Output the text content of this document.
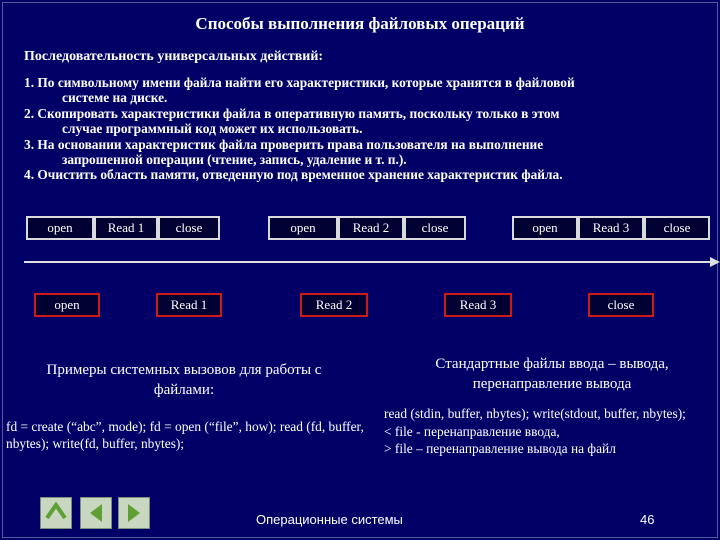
Способы выполнения файловых операций
Последовательность универсальных действий:
1. По символьному имени файла найти его характеристики, которые хранятся в файловой
системе на диске.
2. Скопировать характеристики файла в оперативную память, поскольку только в этом
случае программный код может их использовать.
3. На основании характеристик файла проверить права пользователя на выполнение
запрошенной операции (чтение, запись, удаление и т. п.).
4. Очистить область памяти, отведенную под временное хранение характеристик файла.
open	Read 1	close	open	Read 2	close	open	Read 3	close
open	Read 1	Read 2	Read 3	close
Примеры системных вызовов для работы с файлами:
fd = create (“abc”, mode); fd = open (“file”, how); read (fd, buffer, nbytes); write(fd, buffer, nbytes);
Стандартные файлы ввода – вывода, перенаправление вывода
read (stdin, buffer, nbytes); write(stdout, buffer, nbytes);
< file - перенаправление ввода,
> file – перенаправление вывода на файл
Операционные системы	46
